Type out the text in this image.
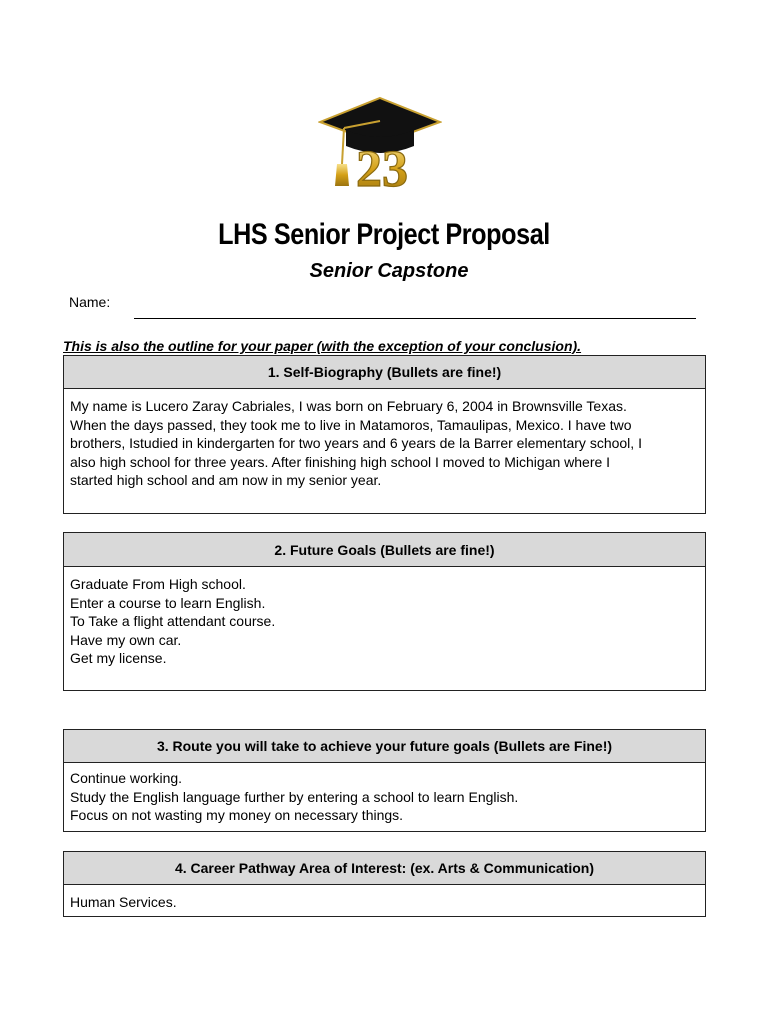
23
LHS Senior Project Proposal
Senior Capstone
Name:
This is also the outline for your paper (with the exception of your conclusion).
1. Self-Biography (Bullets are fine!)
My name is Lucero Zaray Cabriales, I was born on February 6, 2004 in Brownsville Texas.
When the days passed, they took me to live in Matamoros, Tamaulipas, Mexico. I have two
brothers, Istudied in kindergarten for two years and 6 years de la Barrer elementary school, I
also high school for three years. After finishing high school I moved to Michigan where I
started high school and am now in my senior year.
2. Future Goals (Bullets are fine!)
Graduate From High school.
Enter a course to learn English.
To Take a flight attendant course.
Have my own car.
Get my license.
3. Route you will take to achieve your future goals (Bullets are Fine!)
Continue working.
Study the English language further by entering a school to learn English.
Focus on not wasting my money on necessary things.
4. Career Pathway Area of Interest: (ex. Arts & Communication)
Human Services.
